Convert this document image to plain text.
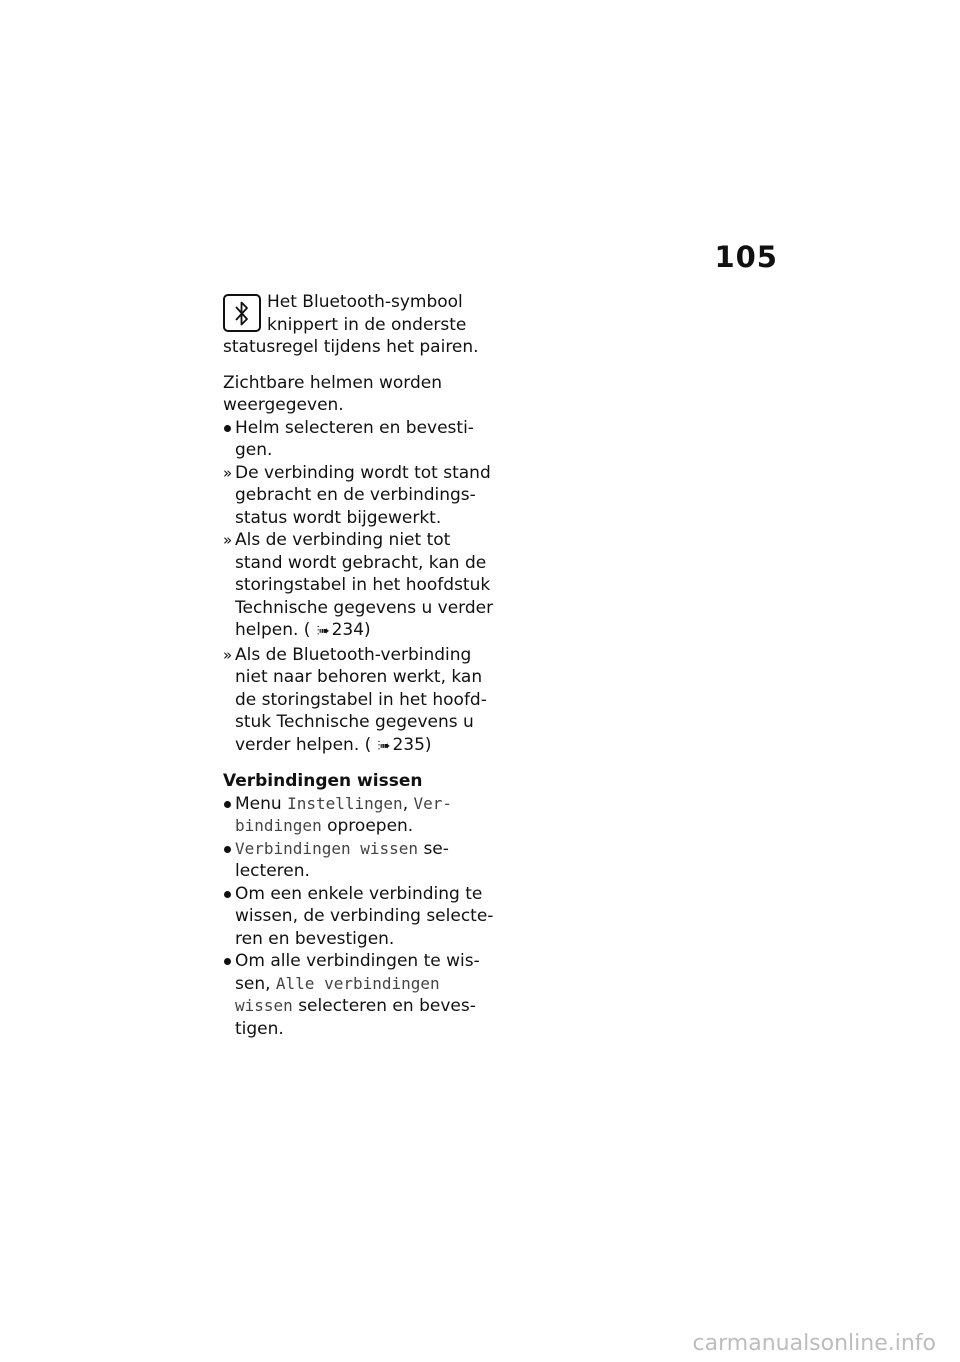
105
Het Bluetooth-symbool
knippert in de onderste
statusregel tijdens het pairen.

Zichtbare helmen worden weergegeven.

Helm selecteren en bevesti-gen.
» De verbinding wordt tot stand gebracht en de verbindings-status wordt bijgewerkt.
» Als de verbinding niet tot stand wordt gebracht, kan de storingstabel in het hoofdstuk Technische gegevens u verder helpen. ( ⫶➠ 234)
» Als de Bluetooth-verbinding niet naar behoren werkt, kan de storingstabel in het hoofd-stuk Technische gegevens u verder helpen. ( ⫶➠ 235)
Verbindingen wissen
Menu Instellingen, Ver-bindingen oproepen.
Verbindingen wissen se-lecteren.
Om een enkele verbinding te wissen, de verbinding selecte-ren en bevestigen.
Om alle verbindingen te wis-sen, Alle verbindingen wissen selecteren en beves-tigen.
carmanualsonline.info
